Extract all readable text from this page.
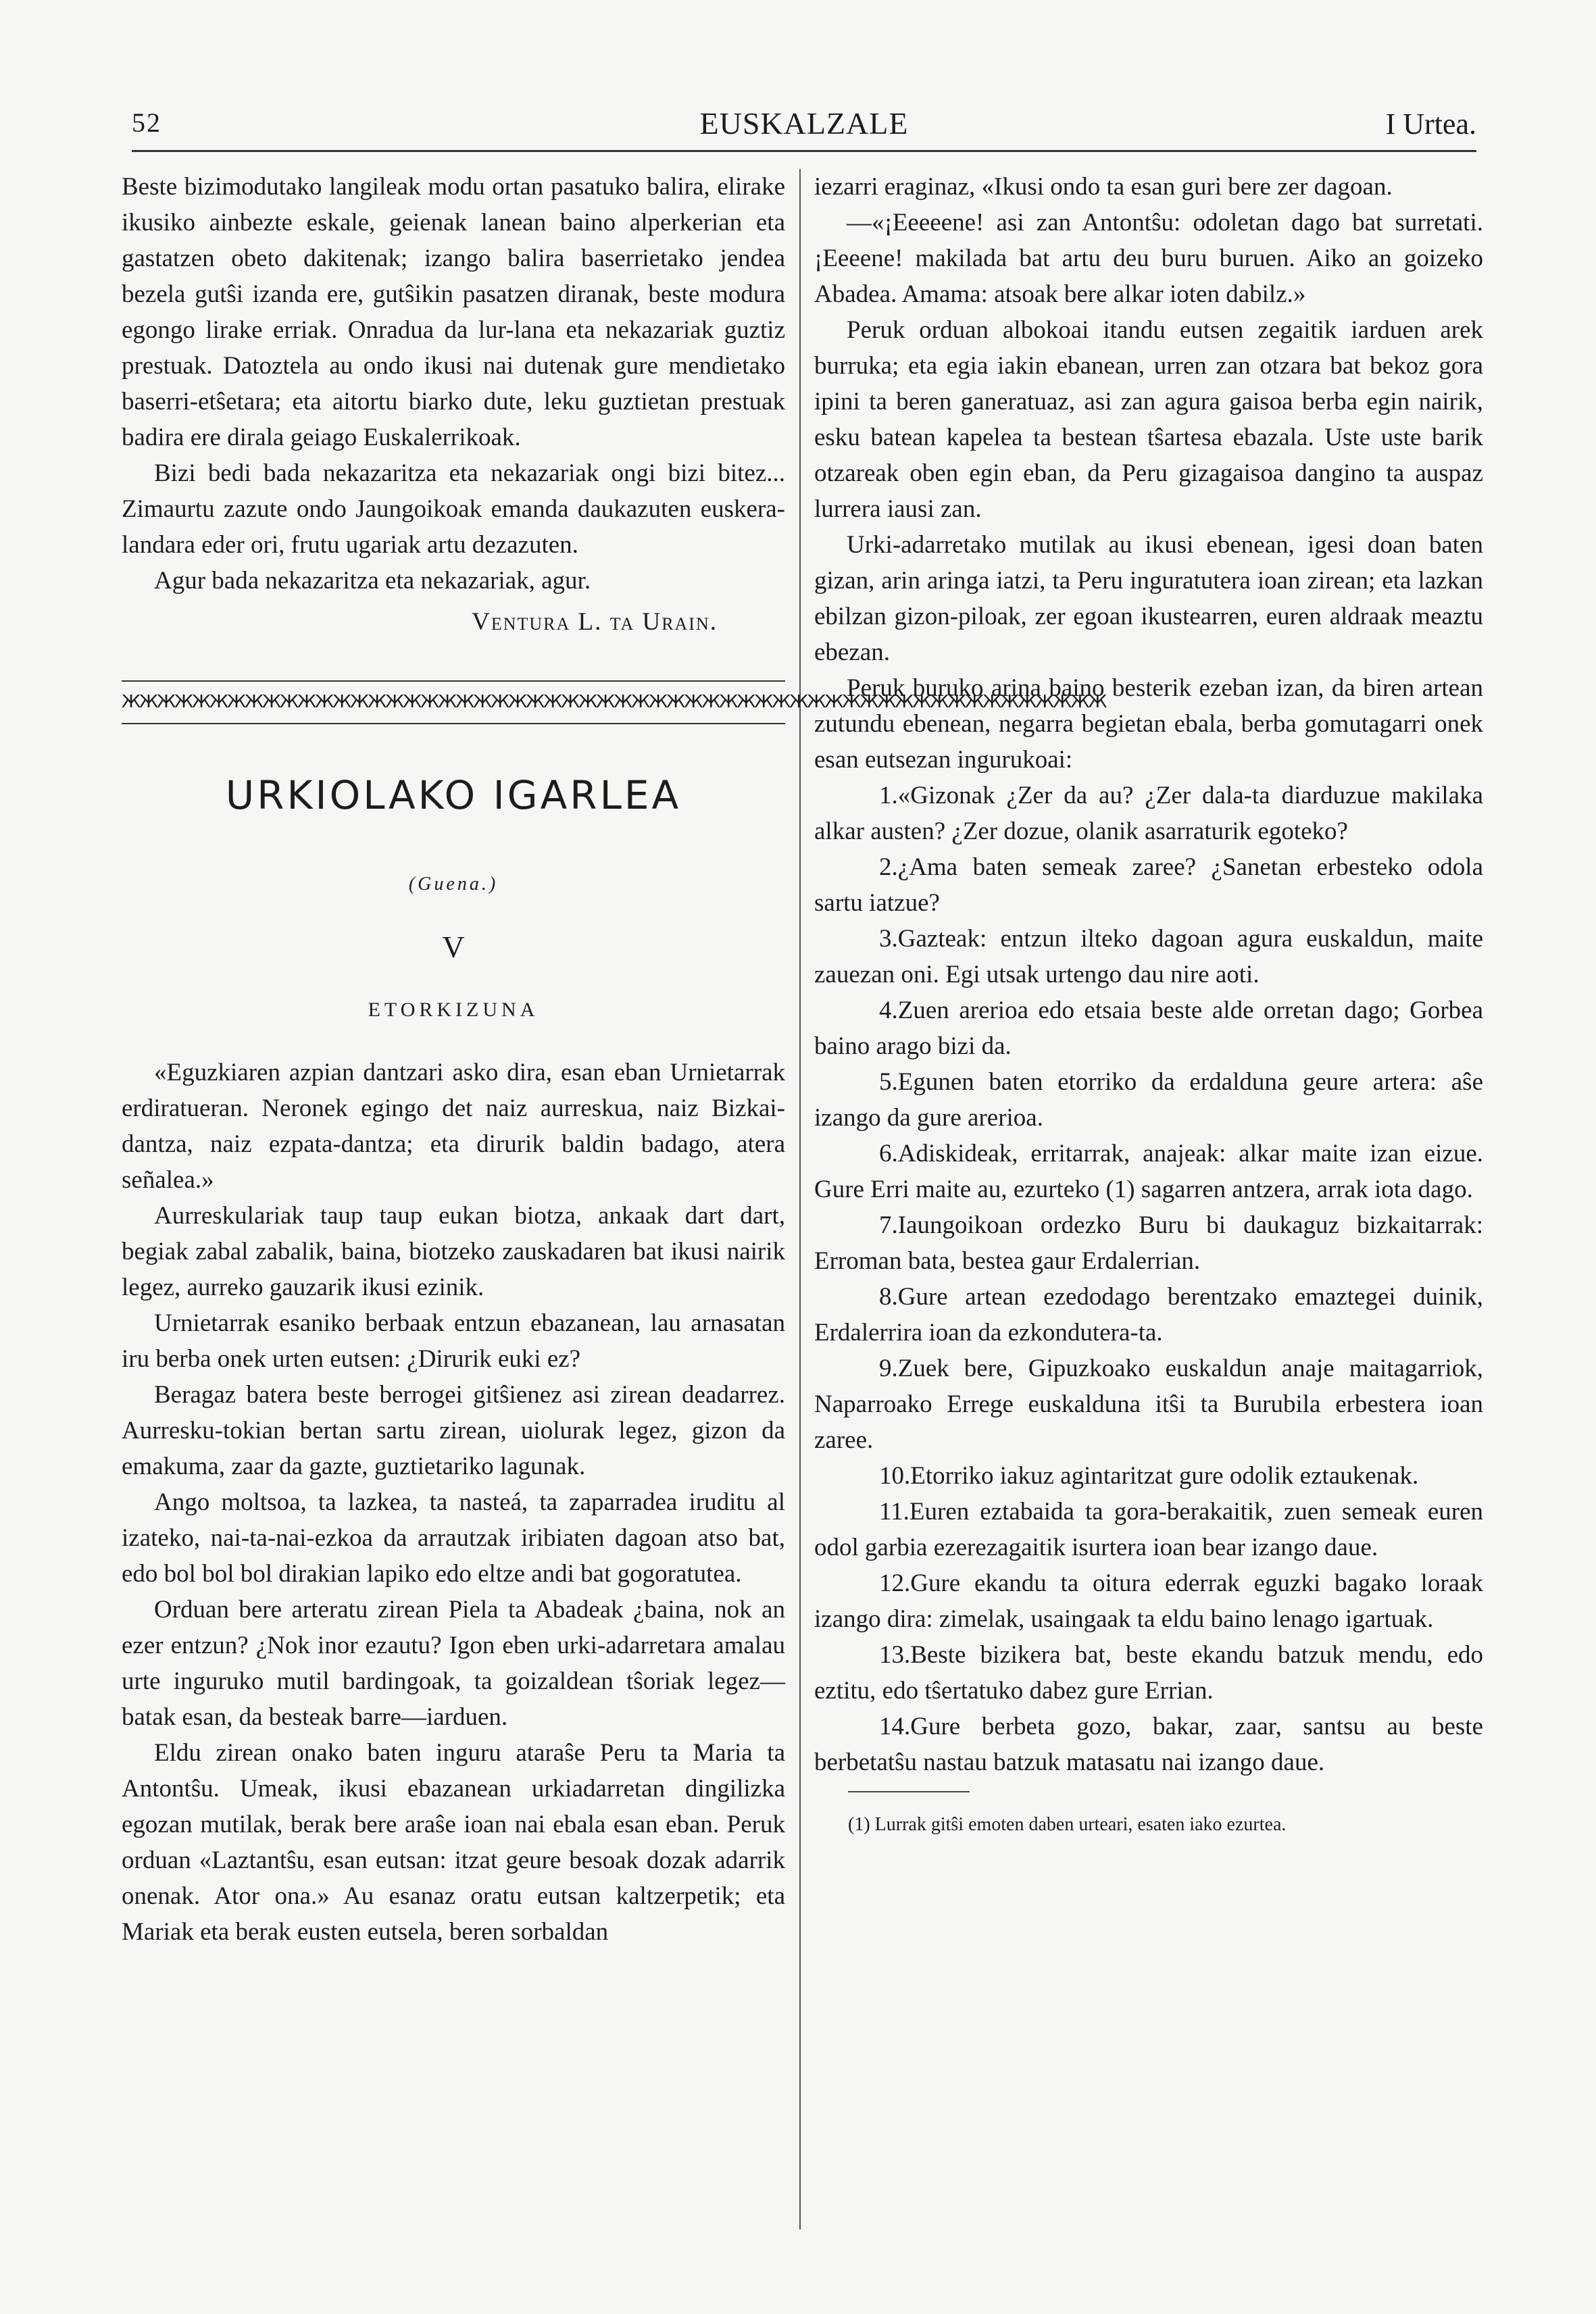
52	EUSKALZALE	I Urtea.

Beste bizimodutako langileak modu ortan pasatuko balira, elirake ikusiko ainbezte eskale, geienak lanean baino alperkerian eta gastatzen obeto dakitenak; izango balira baserrietako jendea bezela gutŝi izanda ere, gutŝikin pasatzen diranak, beste modura egongo lirake erriak. Onradua da lur-lana eta nekazariak guztiz prestuak. Datoztela au ondo ikusi nai dutenak gure mendietako baserri-etŝetara; eta aitortu biarko dute, leku guztietan prestuak badira ere dirala geiago Euskalerrikoak.

Bizi bedi bada nekazaritza eta nekazariak ongi bizi bitez... Zimaurtu zazute ondo Jaungoikoak emanda daukazuten euskera-landara eder ori, frutu ugariak artu dezazuten.

Agur bada nekazaritza eta nekazariak, agur.

Ventura L. ta Urain.

ЖЖЖЖЖЖЖЖЖЖЖЖЖЖЖЖЖЖЖЖЖЖЖЖЖЖЖЖЖЖЖЖЖЖЖЖЖЖЖЖЖЖЖЖЖЖЖЖЖЖЖЖЖЖЖЖ
URKIOLAKO IGARLEA
(Guena.)
V
ETORKIZUNA

«Eguzkiaren azpian dantzari asko dira, esan eban Urnietarrak erdiratueran. Neronek egingo det naiz aurreskua, naiz Bizkai-dantza, naiz ezpata-dantza; eta dirurik baldin badago, atera señalea.»

Aurreskulariak taup taup eukan biotza, ankaak dart dart, begiak zabal zabalik, baina, biotzeko zauskadaren bat ikusi nairik legez, aurreko gauzarik ikusi ezinik.

Urnietarrak esaniko berbaak entzun ebazanean, lau arnasatan iru berba onek urten eutsen: ¿Dirurik euki ez?

Beragaz batera beste berrogei gitŝienez asi zirean deadarrez. Aurresku-tokian bertan sartu zirean, uiolurak legez, gizon da emakuma, zaar da gazte, guztietariko lagunak.

Ango moltsoa, ta lazkea, ta nasteá, ta zaparradea iruditu al izateko, nai-ta-nai-ezkoa da arrautzak iribiaten dagoan atso bat, edo bol bol bol dirakian lapiko edo eltze andi bat gogoratutea.

Orduan bere arteratu zirean Piela ta Abadeak ¿baina, nok an ezer entzun? ¿Nok inor ezautu? Igon eben urki-adarretara amalau urte inguruko mutil bardingoak, ta goizaldean tŝoriak legez—batak esan, da besteak barre—iarduen.

Eldu zirean onako baten inguru ataraŝe Peru ta Maria ta Antontŝu. Umeak, ikusi ebazanean urkiadarretan dingilizka egozan mutilak, berak bere araŝe ioan nai ebala esan eban. Peruk orduan «Laztantŝu, esan eutsan: itzat geure besoak dozak adarrik onenak. Ator ona.» Au esanaz oratu eutsan kaltzerpetik; eta Mariak eta berak eusten eutsela, beren sorbaldan

iezarri eraginaz, «Ikusi ondo ta esan guri bere zer dagoan.

—«¡Eeeeene! asi zan Antontŝu: odoletan dago bat surretati. ¡Eeeene! makilada bat artu deu buru buruen. Aiko an goizeko Abadea. Amama: atsoak bere alkar ioten dabilz.»

Peruk orduan albokoai itandu eutsen zegaitik iarduen arek burruka; eta egia iakin ebanean, urren zan otzara bat bekoz gora ipini ta beren ganeratuaz, asi zan agura gaisoa berba egin nairik, esku batean kapelea ta bestean tŝartesa ebazala. Uste uste barik otzareak oben egin eban, da Peru gizagaisoa dangino ta auspaz lurrera iausi zan.

Urki-adarretako mutilak au ikusi ebenean, igesi doan baten gizan, arin aringa iatzi, ta Peru inguratutera ioan zirean; eta lazkan ebilzan gizon-piloak, zer egoan ikustearren, euren aldraak meaztu ebezan.

Peruk buruko arina baino besterik ezeban izan, da biren artean zutundu ebenean, negarra begietan ebala, berba gomutagarri onek esan eutsezan ingurukoai:

1.«Gizonak ¿Zer da au? ¿Zer dala-ta diarduzue makilaka alkar austen? ¿Zer dozue, olanik asarraturik egoteko?

2.¿Ama baten semeak zaree? ¿Sanetan erbesteko odola sartu iatzue?

3.Gazteak: entzun ilteko dagoan agura euskaldun, maite zauezan oni. Egi utsak urtengo dau nire aoti.

4.Zuen arerioa edo etsaia beste alde orretan dago; Gorbea baino arago bizi da.

5.Egunen baten etorriko da erdalduna geure artera: aŝe izango da gure arerioa.

6.Adiskideak, erritarrak, anajeak: alkar maite izan eizue. Gure Erri maite au, ezurteko (1) sagarren antzera, arrak iota dago.

7.Iaungoikoan ordezko Buru bi daukaguz bizkaitarrak: Erroman bata, bestea gaur Erdalerrian.

8.Gure artean ezedodago berentzako emaztegei duinik, Erdalerrira ioan da ezkondutera-ta.

9.Zuek bere, Gipuzkoako euskaldun anaje maitagarriok, Naparroako Errege euskalduna itŝi ta Burubila erbestera ioan zaree.

10.Etorriko iakuz agintaritzat gure odolik eztaukenak.

11.Euren eztabaida ta gora-berakaitik, zuen semeak euren odol garbia ezerezagaitik isurtera ioan bear izango daue.

12.Gure ekandu ta oitura ederrak eguzki bagako loraak izango dira: zimelak, usaingaak ta eldu baino lenago igartuak.

13.Beste bizikera bat, beste ekandu batzuk mendu, edo eztitu, edo tŝertatuko dabez gure Errian.

14.Gure berbeta gozo, bakar, zaar, santsu au beste berbetatŝu nastau batzuk matasatu nai izango daue.

(1) Lurrak gitŝi emoten daben urteari, esaten iako ezurtea.
